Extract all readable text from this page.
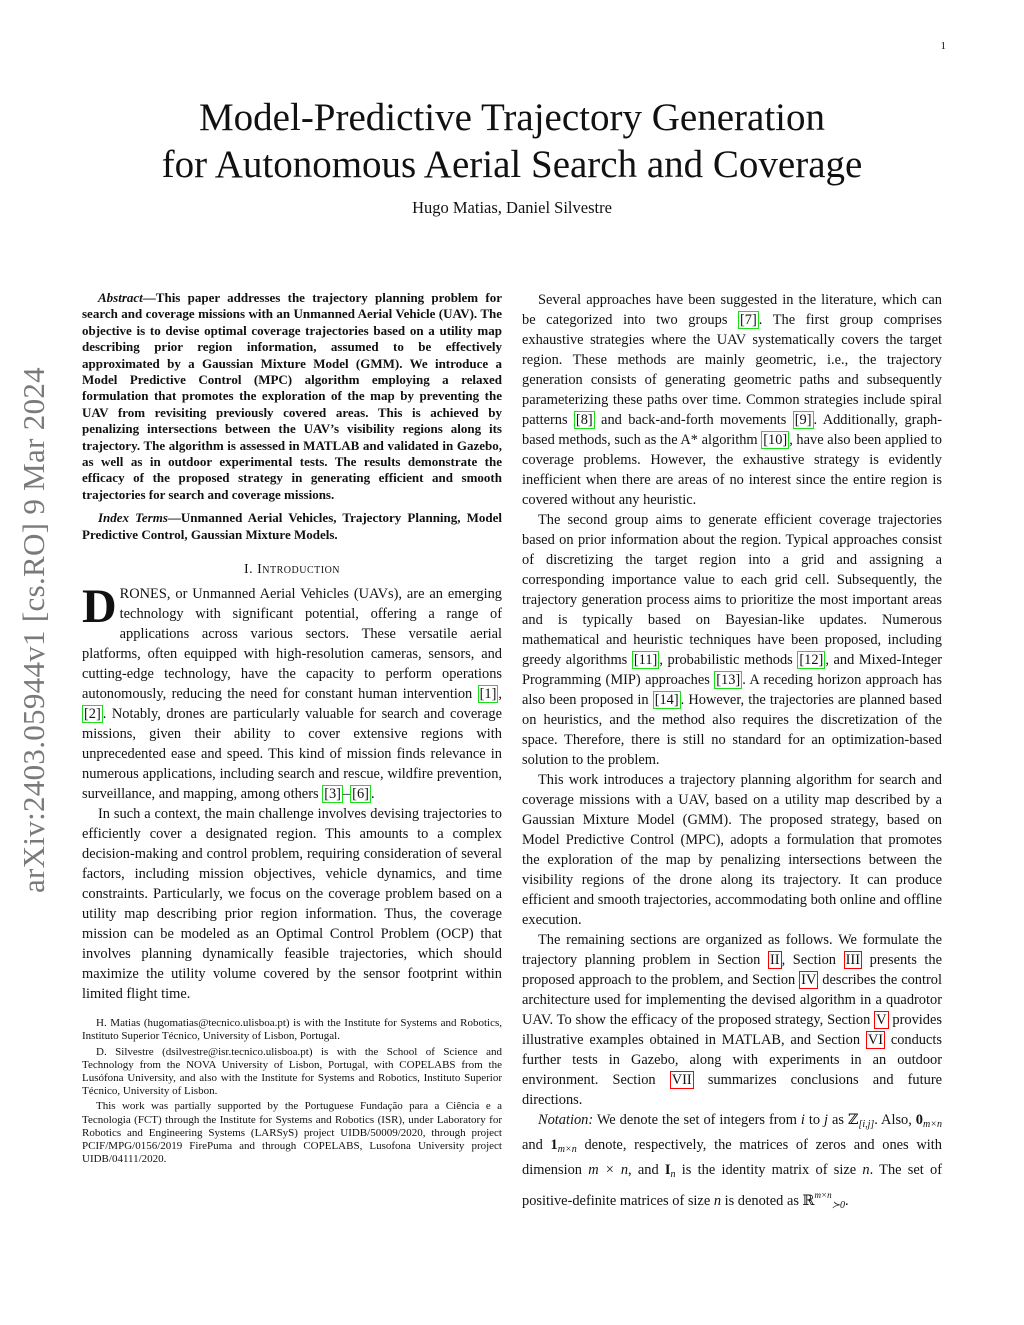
1
arXiv:2403.05944v1 [cs.RO] 9 Mar 2024
Model-Predictive Trajectory Generation
for Autonomous Aerial Search and Coverage
Hugo Matias, Daniel Silvestre

Abstract—This paper addresses the trajectory planning problem for search and coverage missions with an Unmanned Aerial Vehicle (UAV). The objective is to devise optimal coverage trajectories based on a utility map describing prior region information, assumed to be effectively approximated by a Gaussian Mixture Model (GMM). We introduce a Model Predictive Control (MPC) algorithm employing a relaxed formulation that promotes the exploration of the map by preventing the UAV from revisiting previously covered areas. This is achieved by penalizing intersections between the UAV’s visibility regions along its trajectory. The algorithm is assessed in MATLAB and validated in Gazebo, as well as in outdoor experimental tests. The results demonstrate the efficacy of the proposed strategy in generating efficient and smooth trajectories for search and coverage missions.

Index Terms—Unmanned Aerial Vehicles, Trajectory Planning, Model Predictive Control, Gaussian Mixture Models.

I. Introduction

DRONES, or Unmanned Aerial Vehicles (UAVs), are an emerging technology with significant potential, offering a range of applications across various sectors. These versatile aerial platforms, often equipped with high-resolution cameras, sensors, and cutting-edge technology, have the capacity to perform operations autonomously, reducing the need for constant human intervention [1] , [2] . Notably, drones are particularly valuable for search and coverage missions, given their ability to cover extensive regions with unprecedented ease and speed. This kind of mission finds relevance in numerous applications, including search and rescue, wildfire prevention, surveillance, and mapping, among others [3] – [6] .

In such a context, the main challenge involves devising trajectories to efficiently cover a designated region. This amounts to a complex decision-making and control problem, requiring consideration of several factors, including mission objectives, vehicle dynamics, and time constraints. Particularly, we focus on the coverage problem based on a utility map describing prior region information. Thus, the coverage mission can be modeled as an Optimal Control Problem (OCP) that involves planning dynamically feasible trajectories, which should maximize the utility volume covered by the sensor footprint within limited flight time.

H. Matias (hugomatias@tecnico.ulisboa.pt) is with the Institute for Systems and Robotics, Instituto Superior Técnico, University of Lisbon, Portugal.

D. Silvestre (dsilvestre@isr.tecnico.ulisboa.pt) is with the School of Science and Technology from the NOVA University of Lisbon, Portugal, with COPELABS from the Lusófona University, and also with the Institute for Systems and Robotics, Instituto Superior Técnico, University of Lisbon.

This work was partially supported by the Portuguese Fundação para a Ciência e a Tecnologia (FCT) through the Institute for Systems and Robotics (ISR), under Laboratory for Robotics and Engineering Systems (LARSyS) project UIDB/50009/2020, through project PCIF/MPG/0156/2019 FirePuma and through COPELABS, Lusofona University project UIDB/04111/2020.

Several approaches have been suggested in the literature, which can be categorized into two groups [7] . The first group comprises exhaustive strategies where the UAV systematically covers the target region. These methods are mainly geometric, i.e., the trajectory generation consists of generating geometric paths and subsequently parameterizing these paths over time. Common strategies include spiral patterns [8] and back-and-forth movements [9] . Additionally, graph-based methods, such as the A* algorithm [10] , have also been applied to coverage problems. However, the exhaustive strategy is evidently inefficient when there are areas of no interest since the entire region is covered without any heuristic.

The second group aims to generate efficient coverage trajectories based on prior information about the region. Typical approaches consist of discretizing the target region into a grid and assigning a corresponding importance value to each grid cell. Subsequently, the trajectory generation process aims to prioritize the most important areas and is typically based on Bayesian-like updates. Numerous mathematical and heuristic techniques have been proposed, including greedy algorithms [11] , probabilistic methods [12] , and Mixed-Integer Programming (MIP) approaches [13] . A receding horizon approach has also been proposed in [14] . However, the trajectories are planned based on heuristics, and the method also requires the discretization of the space. Therefore, there is still no standard for an optimization-based solution to the problem.

This work introduces a trajectory planning algorithm for search and coverage missions with a UAV, based on a utility map described by a Gaussian Mixture Model (GMM). The proposed strategy, based on Model Predictive Control (MPC), adopts a formulation that promotes the exploration of the map by penalizing intersections between the visibility regions of the drone along its trajectory. It can produce efficient and smooth trajectories, accommodating both online and offline execution.

The remaining sections are organized as follows. We formulate the trajectory planning problem in Section II , Section III presents the proposed approach to the problem, and Section IV describes the control architecture used for implementing the devised algorithm in a quadrotor UAV. To show the efficacy of the proposed strategy, Section V provides illustrative examples obtained in MATLAB, and Section VI conducts further tests in Gazebo, along with experiments in an outdoor environment. Section VII summarizes conclusions and future directions.

Notation: We denote the set of integers from i to j as ℤ$_{[i,j]}$. Also, $0_{m\times n}$ and $1_{m\times n}$ denote, respectively, the matrices of zeros and ones with dimension m × n, and $I_n$ is the identity matrix of size n. The set of positive-definite matrices of size n is denoted as ℝ$^{m\times n}_{≻0}$.
